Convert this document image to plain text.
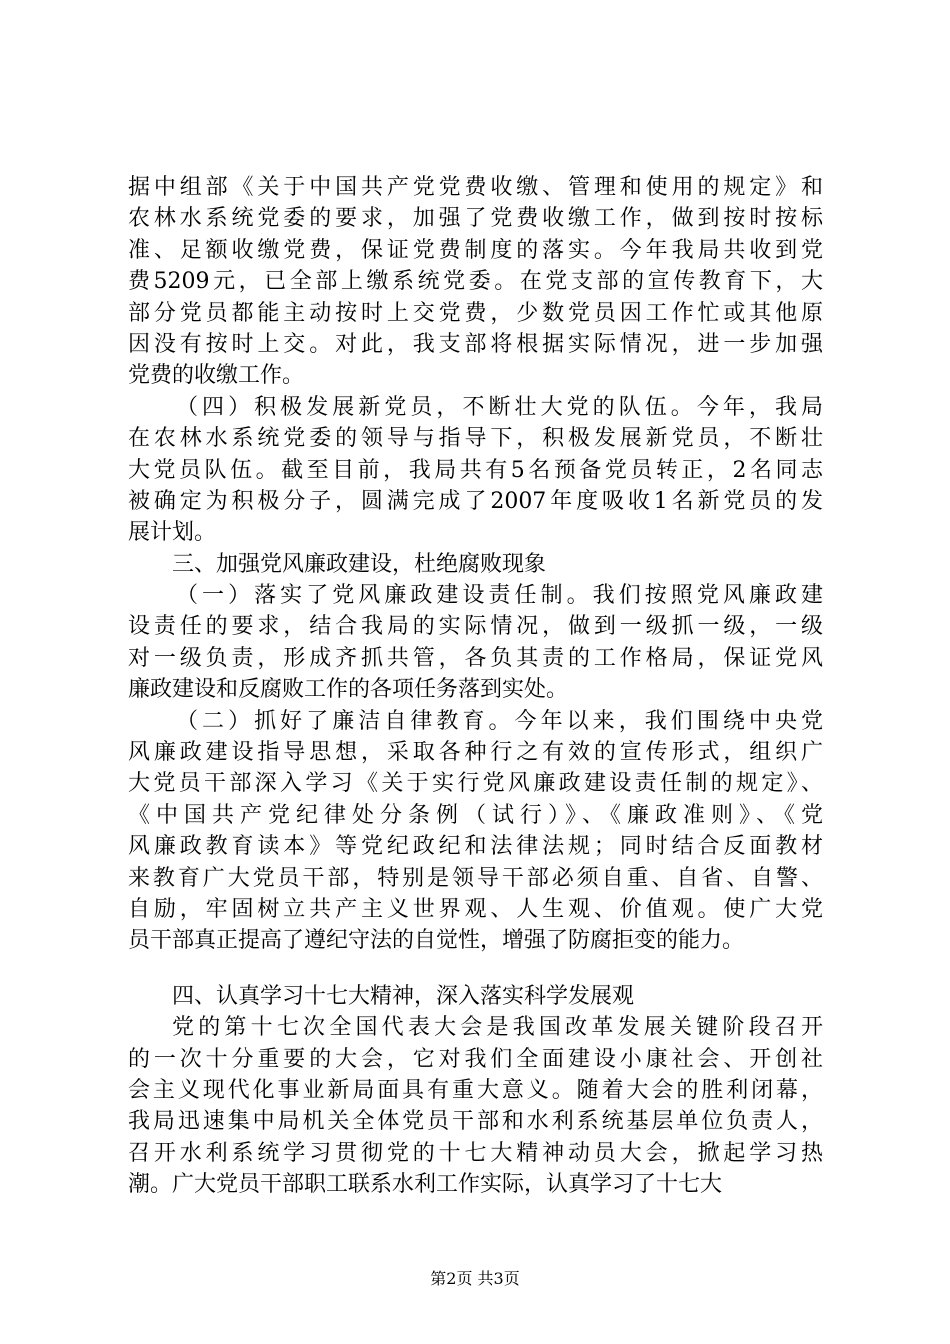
据中组部《关于中国共产党党费收缴、管理和使用的规定》和
农林水系统党委的要求，加强了党费收缴工作，做到按时按标
准、足额收缴党费，保证党费制度的落实。今年我局共收到党
费5209元，已全部上缴系统党委。在党支部的宣传教育下，大
部分党员都能主动按时上交党费，少数党员因工作忙或其他原
因没有按时上交。对此，我支部将根据实际情况，进一步加强
党费的收缴工作。
（四）积极发展新党员，不断壮大党的队伍。今年，我局
在农林水系统党委的领导与指导下，积极发展新党员，不断壮
大党员队伍。截至目前，我局共有5名预备党员转正，2名同志
被确定为积极分子，圆满完成了2007年度吸收1名新党员的发
展计划。
三、加强党风廉政建设，杜绝腐败现象
（一）落实了党风廉政建设责任制。我们按照党风廉政建
设责任的要求，结合我局的实际情况，做到一级抓一级，一级
对一级负责，形成齐抓共管，各负其责的工作格局，保证党风
廉政建设和反腐败工作的各项任务落到实处。
（二）抓好了廉洁自律教育。今年以来，我们围绕中央党
风廉政建设指导思想，采取各种行之有效的宣传形式，组织广
大党员干部深入学习《关于实行党风廉政建设责任制的规定》、
《中国共产党纪律处分条例（试行）》、《廉政准则》、《党
风廉政教育读本》等党纪政纪和法律法规；同时结合反面教材
来教育广大党员干部，特别是领导干部必须自重、自省、自警、
自励，牢固树立共产主义世界观、人生观、价值观。使广大党
员干部真正提高了遵纪守法的自觉性，增强了防腐拒变的能力。
四、认真学习十七大精神，深入落实科学发展观
党的第十七次全国代表大会是我国改革发展关键阶段召开
的一次十分重要的大会，它对我们全面建设小康社会、开创社
会主义现代化事业新局面具有重大意义。随着大会的胜利闭幕，
我局迅速集中局机关全体党员干部和水利系统基层单位负责人，
召开水利系统学习贯彻党的十七大精神动员大会，掀起学习热
潮。广大党员干部职工联系水利工作实际，认真学习了十七大
第2页 共3页
